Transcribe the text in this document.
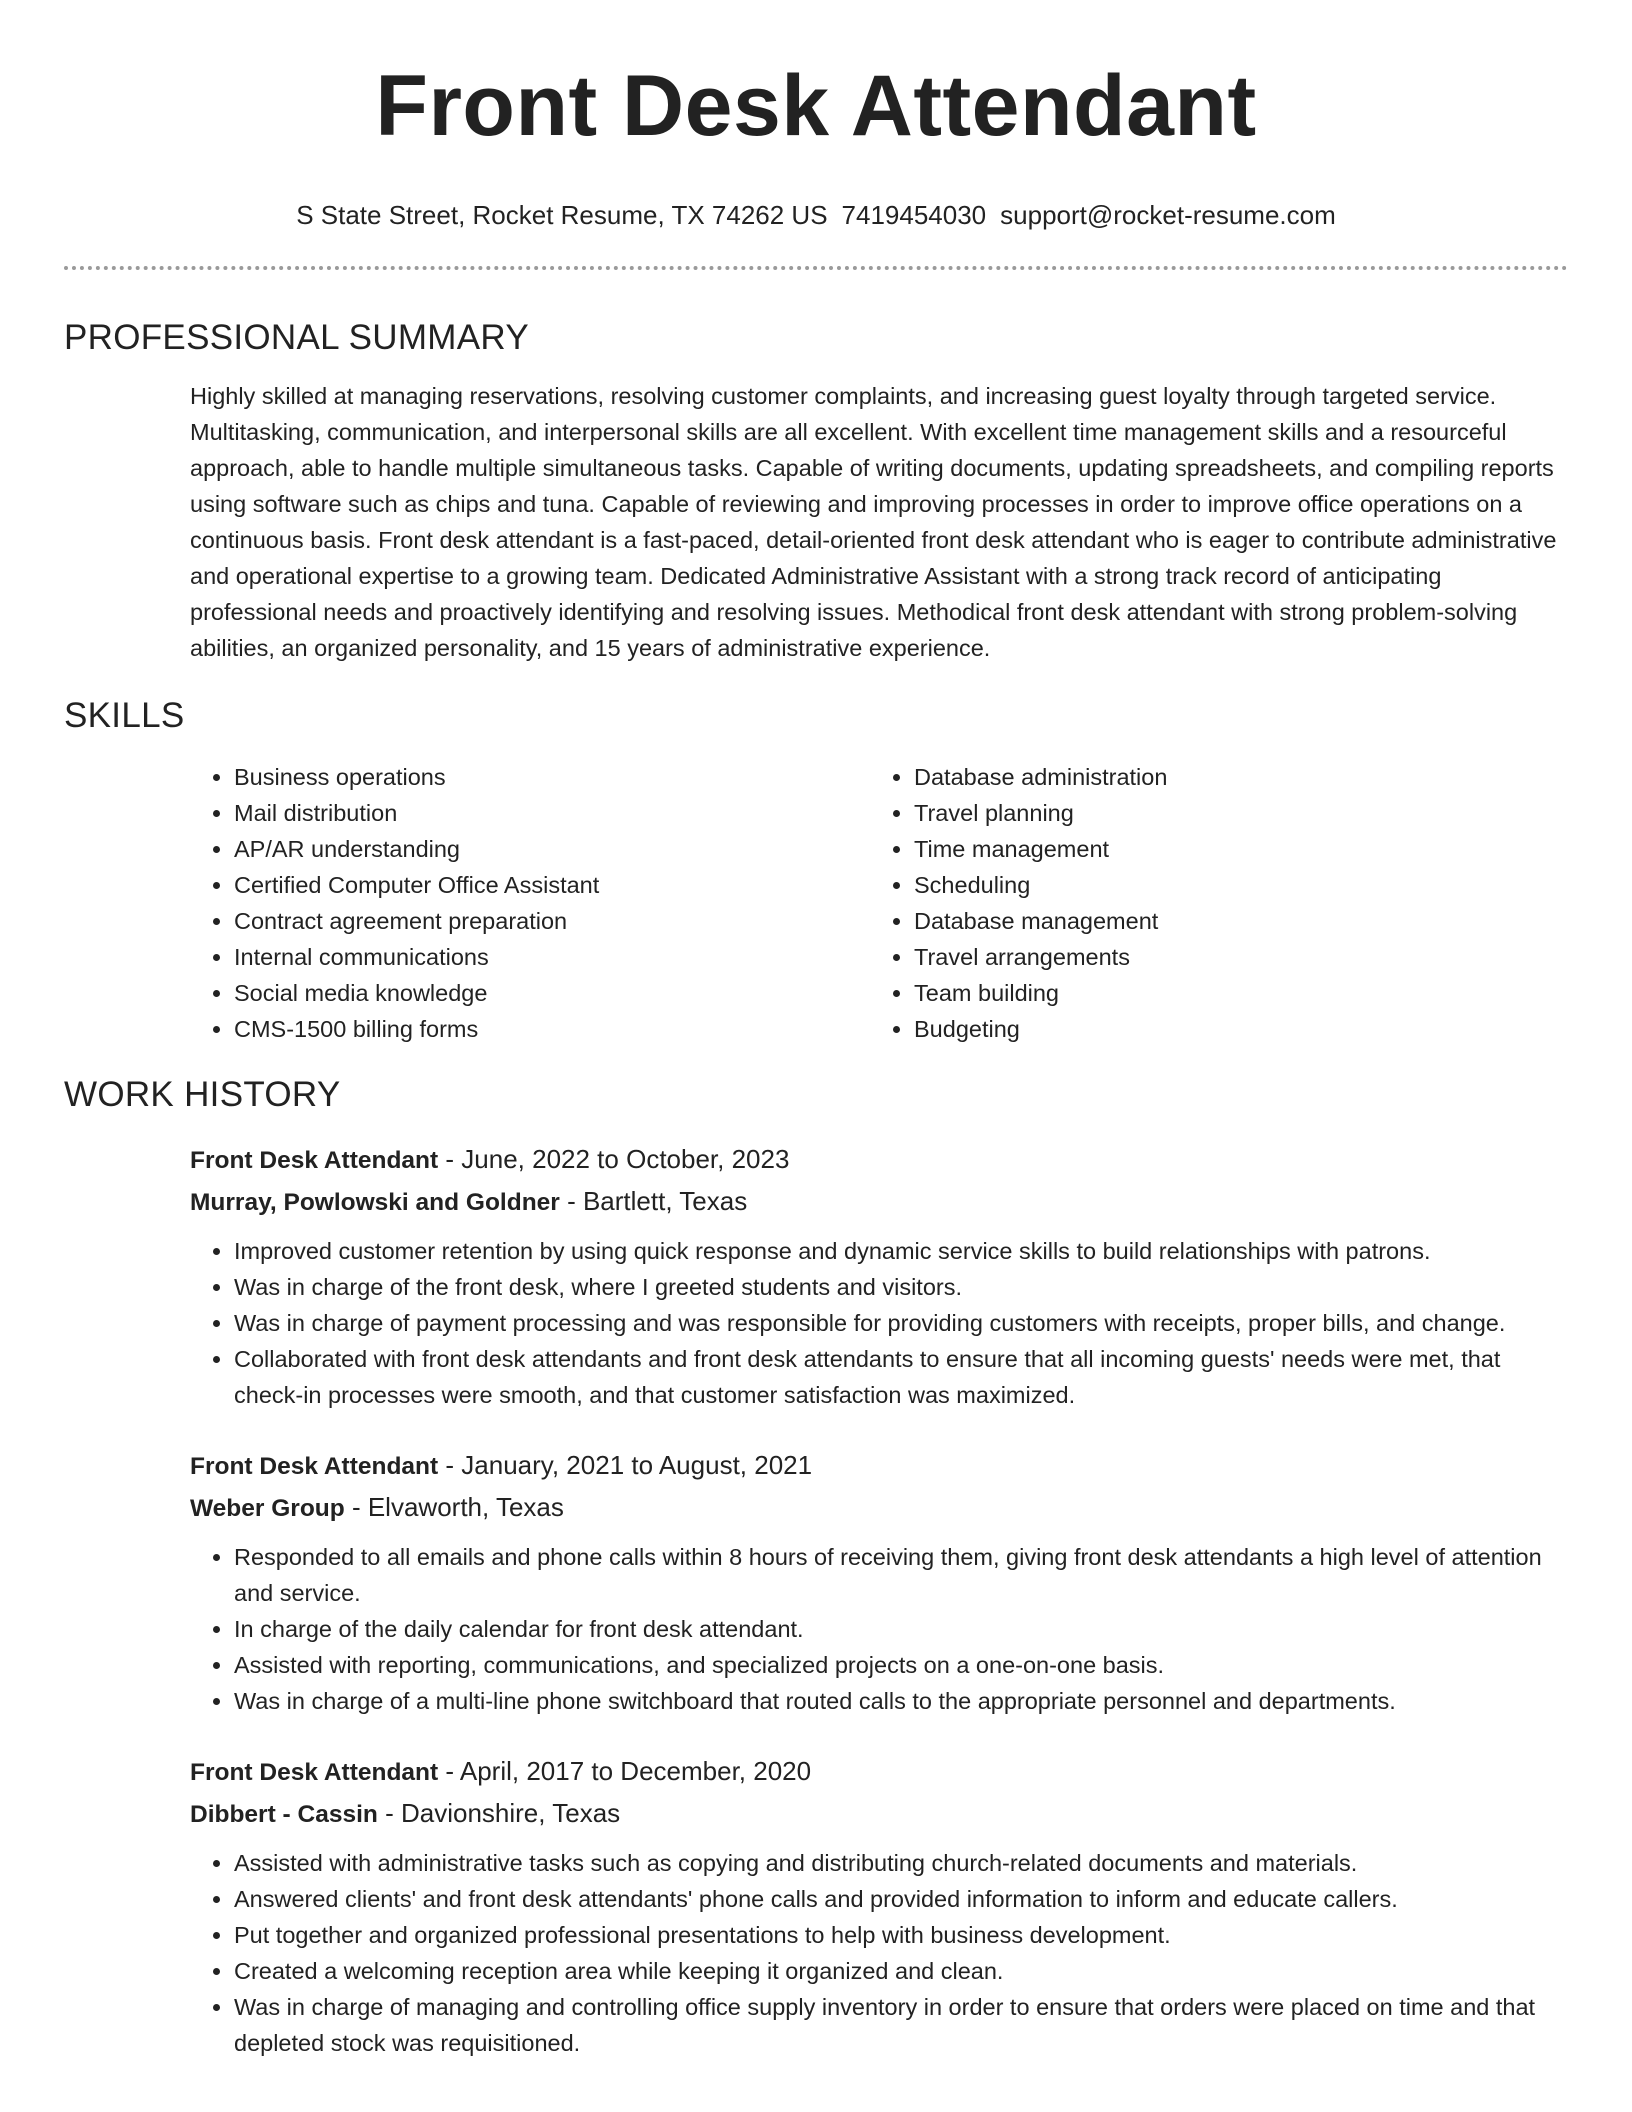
Front Desk Attendant
S State Street, Rocket Resume, TX 74262 US 7419454030 support@rocket-resume.com
PROFESSIONAL SUMMARY

Highly skilled at managing reservations, resolving customer complaints, and increasing guest loyalty through targeted service. Multitasking, communication, and interpersonal skills are all excellent. With excellent time management skills and a resourceful approach, able to handle multiple simultaneous tasks. Capable of writing documents, updating spreadsheets, and compiling reports using software such as chips and tuna. Capable of reviewing and improving processes in order to improve office operations on a continuous basis. Front desk attendant is a fast-paced, detail-oriented front desk attendant who is eager to contribute administrative and operational expertise to a growing team. Dedicated Administrative Assistant with a strong track record of anticipating professional needs and proactively identifying and resolving issues. Methodical front desk attendant with strong problem-solving abilities, an organized personality, and 15 years of administrative experience.

SKILLS
• Business operations
• Mail distribution
• AP/AR understanding
• Certified Computer Office Assistant
• Contract agreement preparation
• Internal communications
• Social media knowledge
• CMS-1500 billing forms
• Database administration
• Travel planning
• Time management
• Scheduling
• Database management
• Travel arrangements
• Team building
• Budgeting
WORK HISTORY
Front Desk Attendant - June, 2022 to October, 2023
Murray, Powlowski and Goldner - Bartlett, Texas
• Improved customer retention by using quick response and dynamic service skills to build relationships with patrons.
• Was in charge of the front desk, where I greeted students and visitors.
• Was in charge of payment processing and was responsible for providing customers with receipts, proper bills, and change.
• Collaborated with front desk attendants and front desk attendants to ensure that all incoming guests' needs were met, that check-in processes were smooth, and that customer satisfaction was maximized.
Front Desk Attendant - January, 2021 to August, 2021
Weber Group - Elvaworth, Texas
• Responded to all emails and phone calls within 8 hours of receiving them, giving front desk attendants a high level of attention and service.
• In charge of the daily calendar for front desk attendant.
• Assisted with reporting, communications, and specialized projects on a one-on-one basis.
• Was in charge of a multi-line phone switchboard that routed calls to the appropriate personnel and departments.
Front Desk Attendant - April, 2017 to December, 2020
Dibbert - Cassin - Davionshire, Texas
• Assisted with administrative tasks such as copying and distributing church-related documents and materials.
• Answered clients' and front desk attendants' phone calls and provided information to inform and educate callers.
• Put together and organized professional presentations to help with business development.
• Created a welcoming reception area while keeping it organized and clean.
• Was in charge of managing and controlling office supply inventory in order to ensure that orders were placed on time and that depleted stock was requisitioned.
